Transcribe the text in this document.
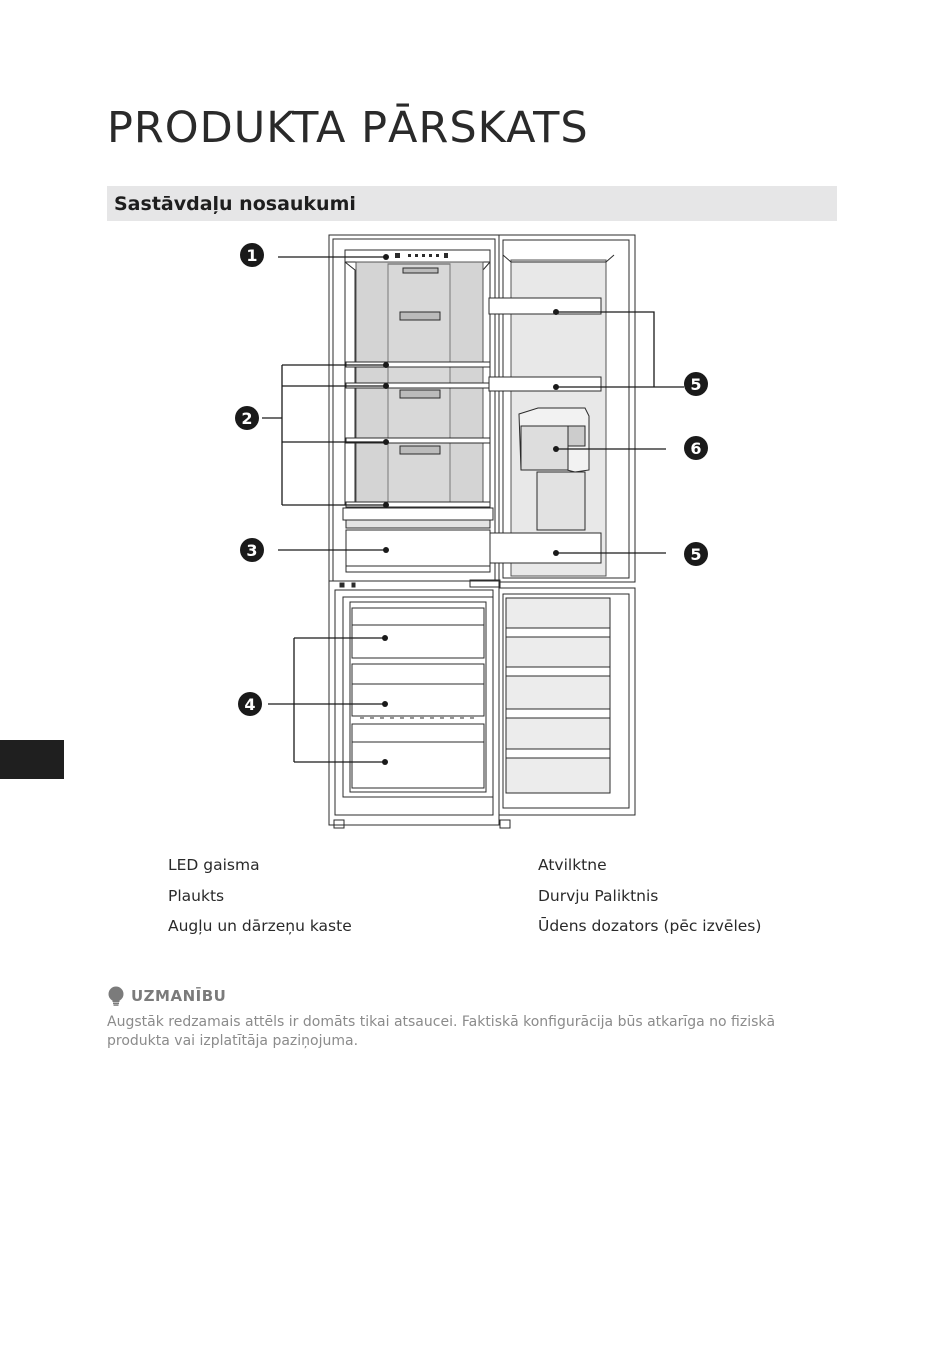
PRODUKTA PĀRSKATS
Sastāvdaļu nosaukumi
1
2
3
4
5
6
5
LED gaisma
Plaukts
Augļu un dārzeņu kaste
Atvilktne
Durvju Paliktnis
Ūdens dozators (pēc izvēles)
UZMANĪBU

Augstāk redzamais attēls ir domāts tikai atsaucei. Faktiskā konfigurācija būs atkarīga no fiziskā produkta vai izplatītāja paziņojuma.
